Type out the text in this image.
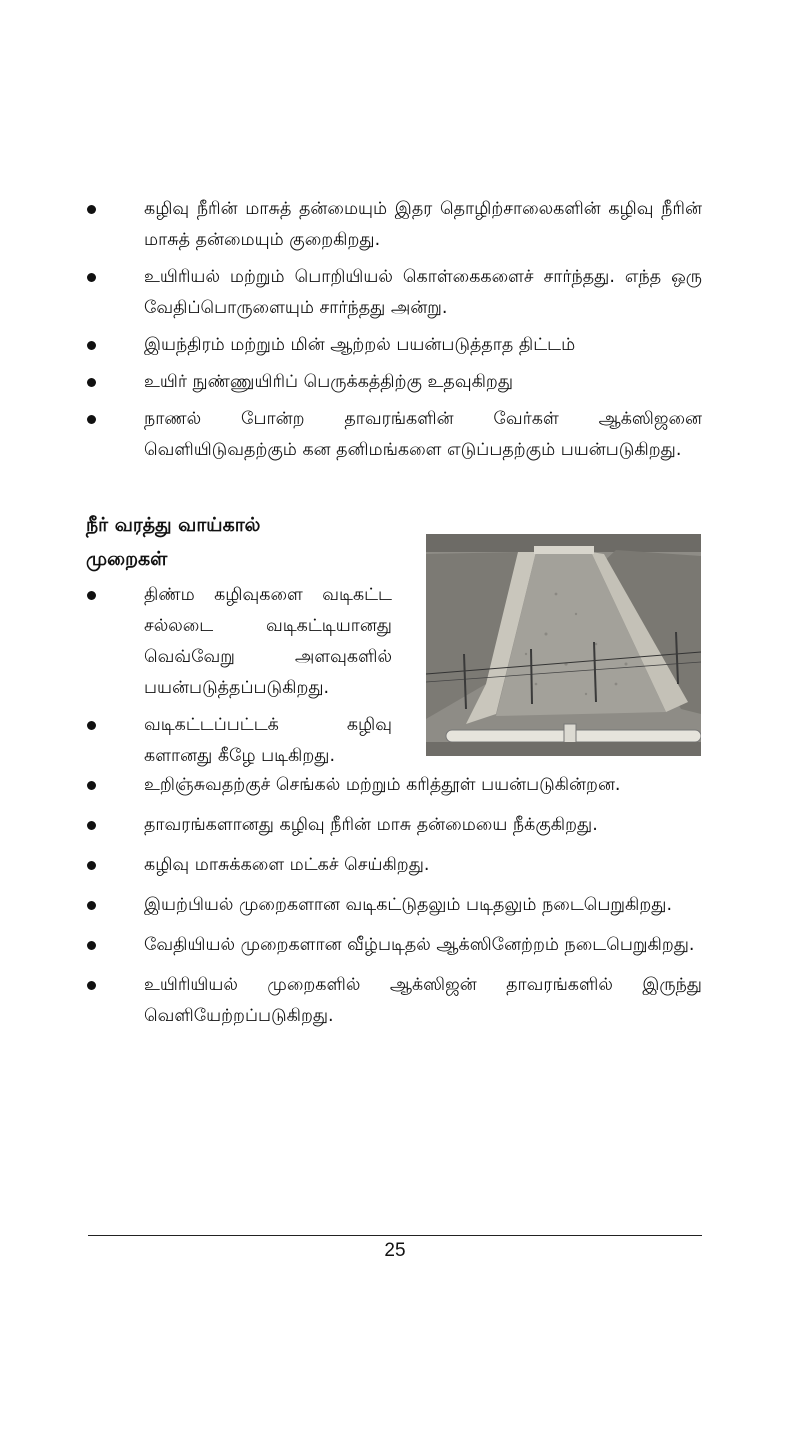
கழிவு நீரின் மாசுத் தன்மையும் இதர தொழிற்சாலைகளின் கழிவு நீரின் மாசுத் தன்மையும் குறைகிறது.
உயிரியல் மற்றும் பொறியியல் கொள்கைகளைச் சார்ந்தது. எந்த ஒரு வேதிப்பொருளையும் சார்ந்தது அன்று.
இயந்திரம் மற்றும் மின் ஆற்றல் பயன்படுத்தாத திட்டம்
உயிர் நுண்ணுயிரிப் பெருக்கத்திற்கு உதவுகிறது
நாணல் போன்ற தாவரங்களின் வேர்கள் ஆக்ஸிஜனை வெளியிடுவதற்கும் கன தனிமங்களை எடுப்பதற்கும் பயன்படுகிறது.
நீர் வரத்து வாய்கால்
முறைகள்
திண்ம கழிவுகளை வடிகட்ட சல்லடை வடிகட்டியானது வெவ்வேறு அளவுகளில் பயன்படுத்தப்படுகிறது.
வடிகட்டப்பட்டக் கழிவு களானது கீழே படிகிறது.
உறிஞ்சுவதற்குச் செங்கல் மற்றும் கரித்தூள் பயன்படுகின்றன.
தாவரங்களானது கழிவு நீரின் மாசு தன்மையை நீக்குகிறது.
கழிவு மாசுக்களை மட்கச் செய்கிறது.
இயற்பியல் முறைகளான வடிகட்டுதலும் படிதலும் நடைபெறுகிறது.
வேதியியல் முறைகளான வீழ்படிதல் ஆக்ஸினேற்றம் நடைபெறுகிறது.
உயிரியியல் முறைகளில் ஆக்ஸிஜன் தாவரங்களில் இருந்து வெளியேற்றப்படுகிறது.
25
